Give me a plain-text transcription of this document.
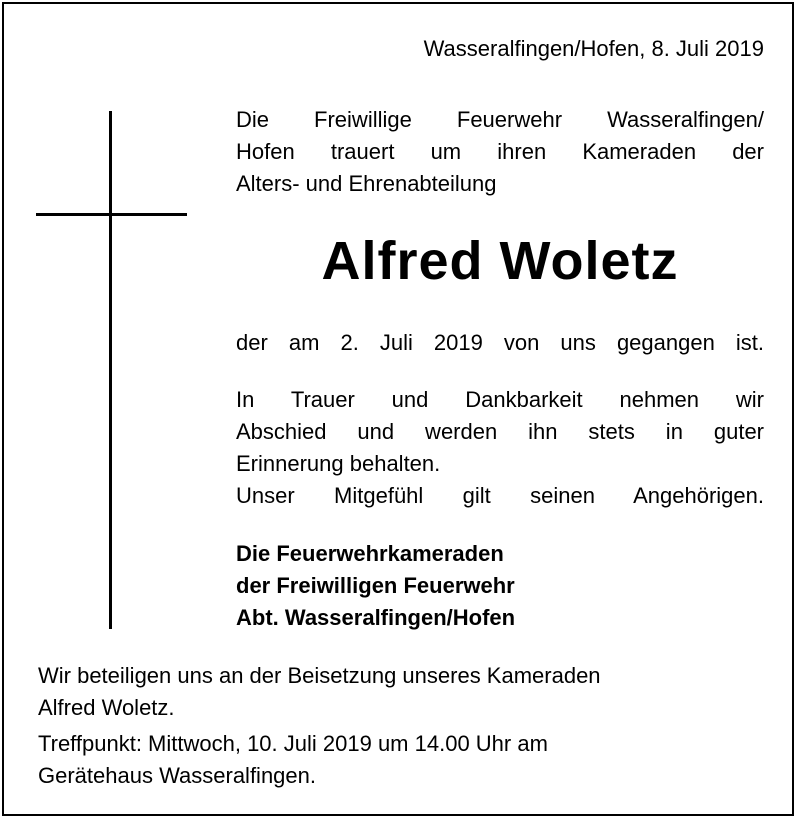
Wasseralfingen/Hofen, 8. Juli 2019

Die Freiwillige Feuerwehr Wasseralfingen/
Hofen trauert um ihren Kameraden der
Alters- und Ehrenabteilung

Alfred Woletz

der am 2. Juli 2019 von uns gegangen ist.

In Trauer und Dankbarkeit nehmen wir
Abschied und werden ihn stets in guter
Erinnerung behalten.
Unser Mitgefühl gilt seinen Angehörigen.

Die Feuerwehrkameraden
der Freiwilligen Feuerwehr
Abt. Wasseralfingen/Hofen

Wir beteiligen uns an der Beisetzung unseres Kameraden
Alfred Woletz.

Treffpunkt: Mittwoch, 10. Juli 2019 um 14.00 Uhr am
Gerätehaus Wasseralfingen.
